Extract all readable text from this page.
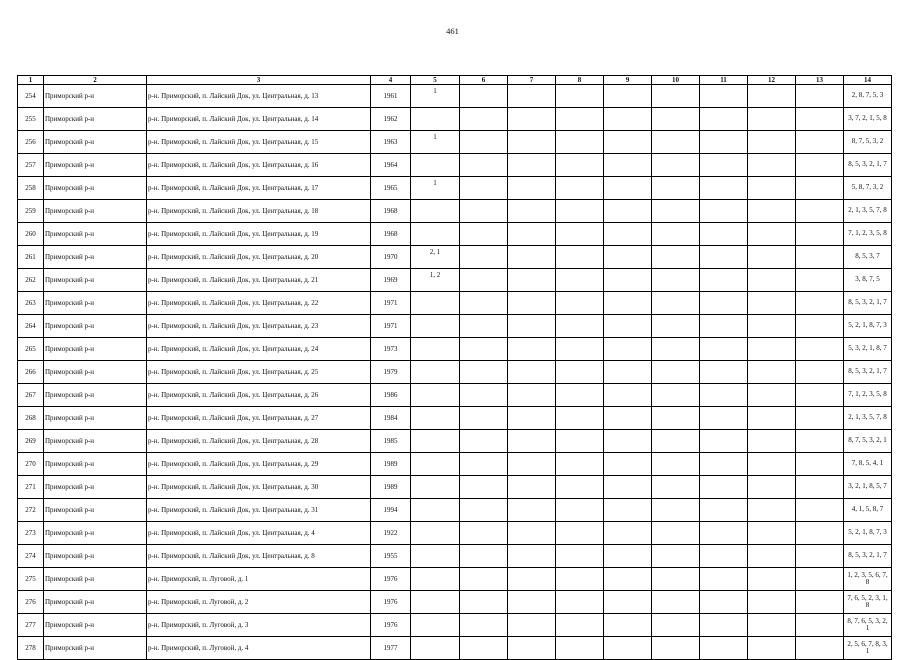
461
1	2	3	4	5	6	7	8	9	10	11	12	13	14
254	Приморский р-н	р-н. Приморский, п. Лайский Док, ул. Центральная, д. 13	1961	1									2, 8, 7, 5, 3
255	Приморский р-н	р-н. Приморский, п. Лайский Док, ул. Центральная, д. 14	1962										3, 7, 2, 1, 5, 8
256	Приморский р-н	р-н. Приморский, п. Лайский Док, ул. Центральная, д. 15	1963	1									8, 7, 5, 3, 2
257	Приморский р-н	р-н. Приморский, п. Лайский Док, ул. Центральная, д. 16	1964										8, 5, 3, 2, 1, 7
258	Приморский р-н	р-н. Приморский, п. Лайский Док, ул. Центральная, д. 17	1965	1									5, 8, 7, 3, 2
259	Приморский р-н	р-н. Приморский, п. Лайский Док, ул. Центральная, д. 18	1968										2, 1, 3, 5, 7, 8
260	Приморский р-н	р-н. Приморский, п. Лайский Док, ул. Центральная, д. 19	1968										7, 1, 2, 3, 5, 8
261	Приморский р-н	р-н. Приморский, п. Лайский Док, ул. Центральная, д. 20	1970	2, 1									8, 5, 3, 7
262	Приморский р-н	р-н. Приморский, п. Лайский Док, ул. Центральная, д. 21	1969	1, 2									3, 8, 7, 5
263	Приморский р-н	р-н. Приморский, п. Лайский Док, ул. Центральная, д. 22	1971										8, 5, 3, 2, 1, 7
264	Приморский р-н	р-н. Приморский, п. Лайский Док, ул. Центральная, д. 23	1971										5, 2, 1, 8, 7, 3
265	Приморский р-н	р-н. Приморский, п. Лайский Док, ул. Центральная, д. 24	1973										5, 3, 2, 1, 8, 7
266	Приморский р-н	р-н. Приморский, п. Лайский Док, ул. Центральная, д. 25	1979										8, 5, 3, 2, 1, 7
267	Приморский р-н	р-н. Приморский, п. Лайский Док, ул. Центральная, д. 26	1986										7, 1, 2, 3, 5, 8
268	Приморский р-н	р-н. Приморский, п. Лайский Док, ул. Центральная, д. 27	1984										2, 1, 3, 5, 7, 8
269	Приморский р-н	р-н. Приморский, п. Лайский Док, ул. Центральная, д. 28	1985										8, 7, 5, 3, 2, 1
270	Приморский р-н	р-н. Приморский, п. Лайский Док, ул. Центральная, д. 29	1989										7, 8, 5, 4, 1
271	Приморский р-н	р-н. Приморский, п. Лайский Док, ул. Центральная, д. 30	1989										3, 2, 1, 8, 5, 7
272	Приморский р-н	р-н. Приморский, п. Лайский Док, ул. Центральная, д. 31	1994										4, 1, 5, 8, 7
273	Приморский р-н	р-н. Приморский, п. Лайский Док, ул. Центральная, д. 4	1922										5, 2, 1, 8, 7, 3
274	Приморский р-н	р-н. Приморский, п. Лайский Док, ул. Центральная, д. 8	1955										8, 5, 3, 2, 1, 7
275	Приморский р-н	р-н. Приморский, п. Луговой, д. 1	1976										1, 2, 3, 5, 6, 7, 8
276	Приморский р-н	р-н. Приморский, п. Луговой, д. 2	1976										7, 6, 5, 2, 3, 1, 8
277	Приморский р-н	р-н. Приморский, п. Луговой, д. 3	1976										8, 7, 6, 5, 3, 2, 1
278	Приморский р-н	р-н. Приморский, п. Луговой, д. 4	1977										2, 5, 6, 7, 8, 3, 1
